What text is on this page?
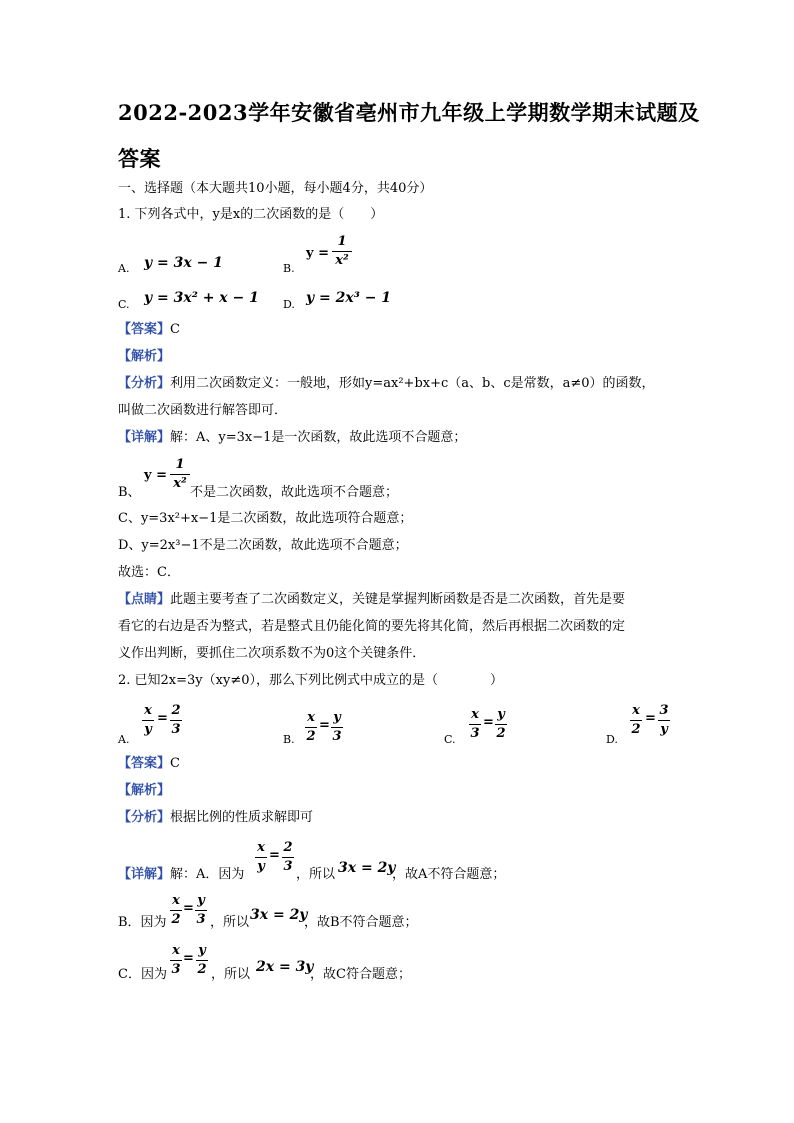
2022-2023学年安徽省亳州市九年级上学期数学期末试题及
答案
一、选择题（本大题共10小题，每小题4分，共40分）
1. 下列各式中，y是x的二次函数的是（　　）
A. y = 3x − 1	B.
y =
1
x²
C. y = 3x² + x − 1 D. y = 2x³ − 1
【答案】C
【解析】
【分析】利用二次函数定义：一般地，形如y=ax²+bx+c（a、b、c是常数，a≠0）的函数，
叫做二次函数进行解答即可．
【详解】解：A、y=3x−1是一次函数，故此选项不合题意；
B、
y =
1
x²
不是二次函数，故此选项不合题意；
C、y=3x²+x−1是二次函数，故此选项符合题意；
D、y=2x³−1不是二次函数，故此选项不合题意；
故选：C．
【点睛】此题主要考查了二次函数定义，关键是掌握判断函数是否是二次函数，首先是要
看它的右边是否为整式，若是整式且仍能化简的要先将其化简，然后再根据二次函数的定
义作出判断，要抓住二次项系数不为0这个关键条件．
2. 已知2x=3y（xy≠0），那么下列比例式中成立的是（　　　　）
A.
x
y
=
2
3
B.
x
2
=
y
3	C.
x
3
=
y
2	D.
x
2
=
3
y
【答案】C
【解析】
【分析】根据比例的性质求解即可
【详解】解：A．因为
x
y
=
2
3
，所以 3x = 2y
，故A不符合题意；
B．因为
x
2
=
y
3 ，所以 3x = 2y
，故B不符合题意；
C．因为
x
3
=
y
2 ，所以 2x = 3y
，故C符合题意；
